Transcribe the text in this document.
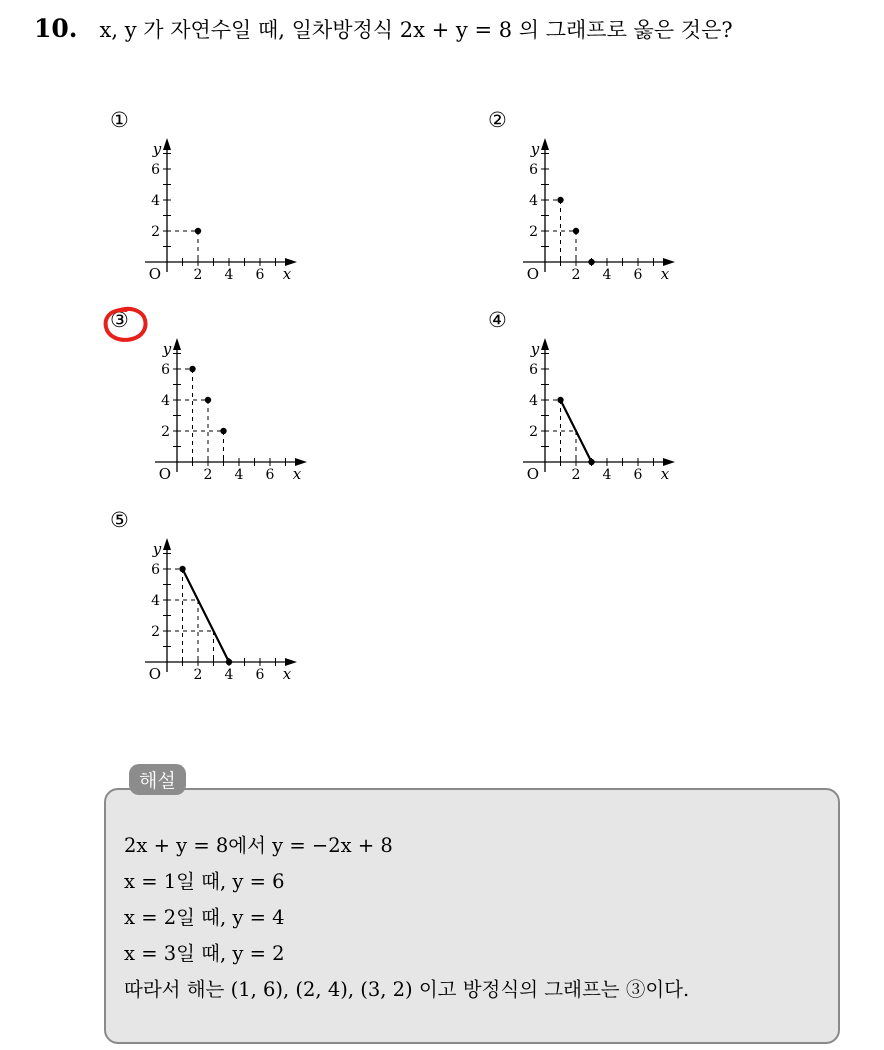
10. x, y 가 자연수일 때, 일차방정식 2x + y = 8 의 그래프로 옳은 것은?
①
2 4 6
2
4
6
O	x
y
②
2 4 6
2
4
6
O	x
y
③
2 4 6
2
4
6
O	x
y
④
2 4 6
2
4
6
O	x
y
⑤
2 4 6
2
4
6
O	x
y
해설
2x + y = 8에서 y = −2x + 8
x = 1일 때, y = 6
x = 2일 때, y = 4
x = 3일 때, y = 2
따라서 해는 (1, 6), (2, 4), (3, 2) 이고 방정식의 그래프는 ③이다.
